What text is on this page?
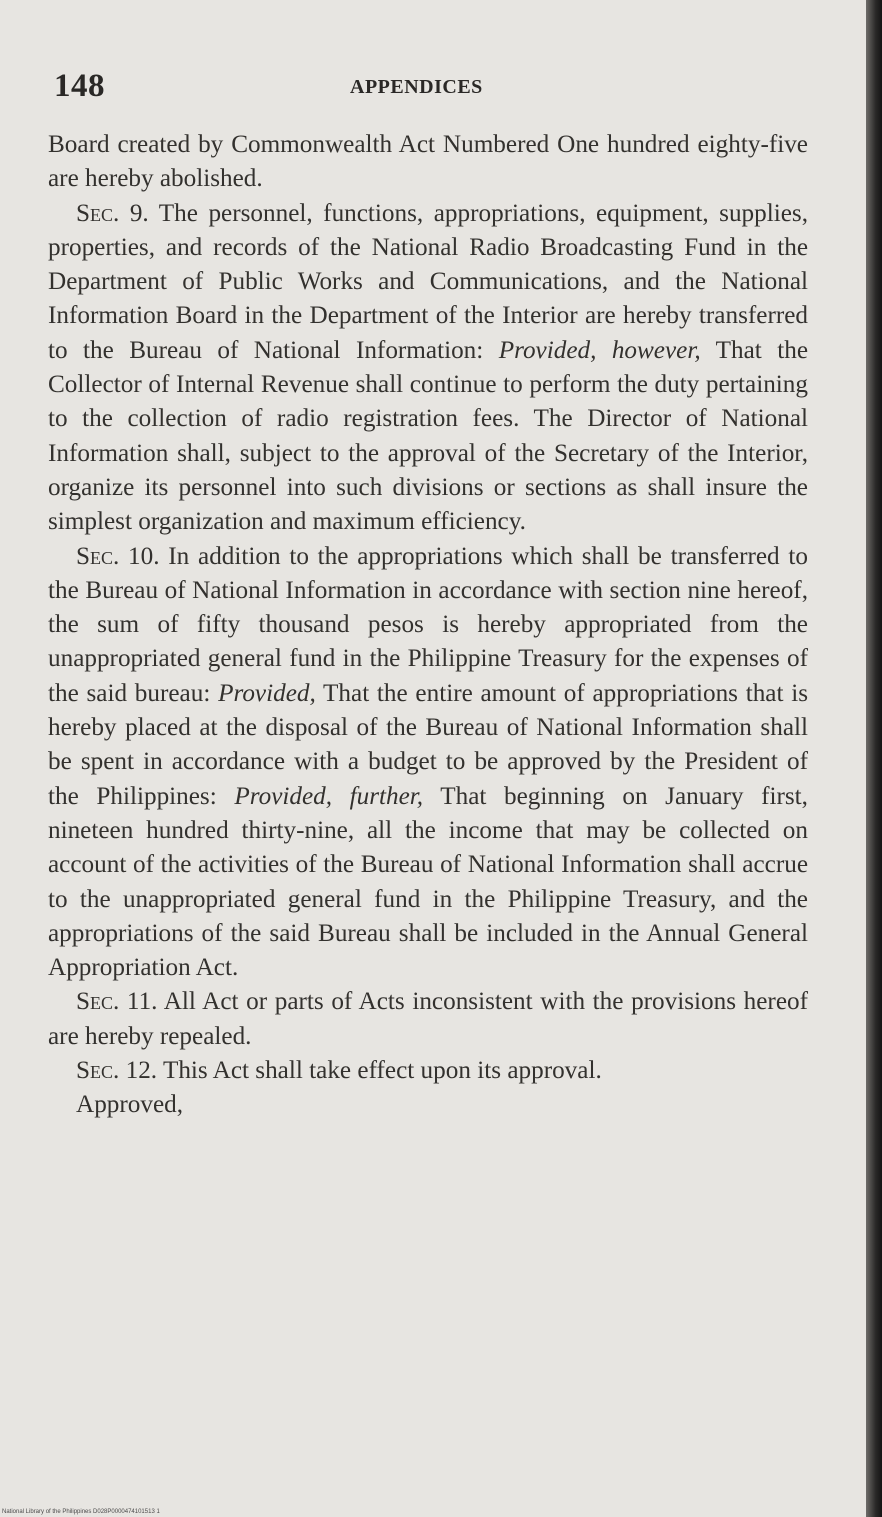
148	APPENDICES

Board created by Commonwealth Act Numbered One hundred eighty-five are hereby abolished.

Sec. 9. The personnel, functions, appropriations, equipment, supplies, properties, and records of the National Radio Broadcasting Fund in the Department of Public Works and Communications, and the National Information Board in the Department of the Interior are hereby transferred to the Bureau of National Information: Provided, however, That the Collector of Internal Revenue shall continue to perform the duty pertaining to the collection of radio registration fees. The Director of National Information shall, subject to the approval of the Secretary of the Interior, organize its personnel into such divisions or sections as shall insure the simplest organization and maximum efficiency.

Sec. 10. In addition to the appropriations which shall be transferred to the Bureau of National Information in accordance with section nine hereof, the sum of fifty thousand pesos is hereby appropriated from the unappropriated general fund in the Philippine Treasury for the expenses of the said bureau: Provided, That the entire amount of appropriations that is hereby placed at the disposal of the Bureau of National Information shall be spent in accordance with a budget to be approved by the President of the Philippines: Provided, further, That beginning on January first, nineteen hundred thirty-nine, all the income that may be collected on account of the activities of the Bureau of National Information shall accrue to the unappropriated general fund in the Philippine Treasury, and the appropriations of the said Bureau shall be included in the Annual General Appropriation Act.

Sec. 11. All Act or parts of Acts inconsistent with the provisions hereof are hereby repealed.

Sec. 12. This Act shall take effect upon its approval.

Approved,

National Library of the Philippines D028P0000474101513 1
